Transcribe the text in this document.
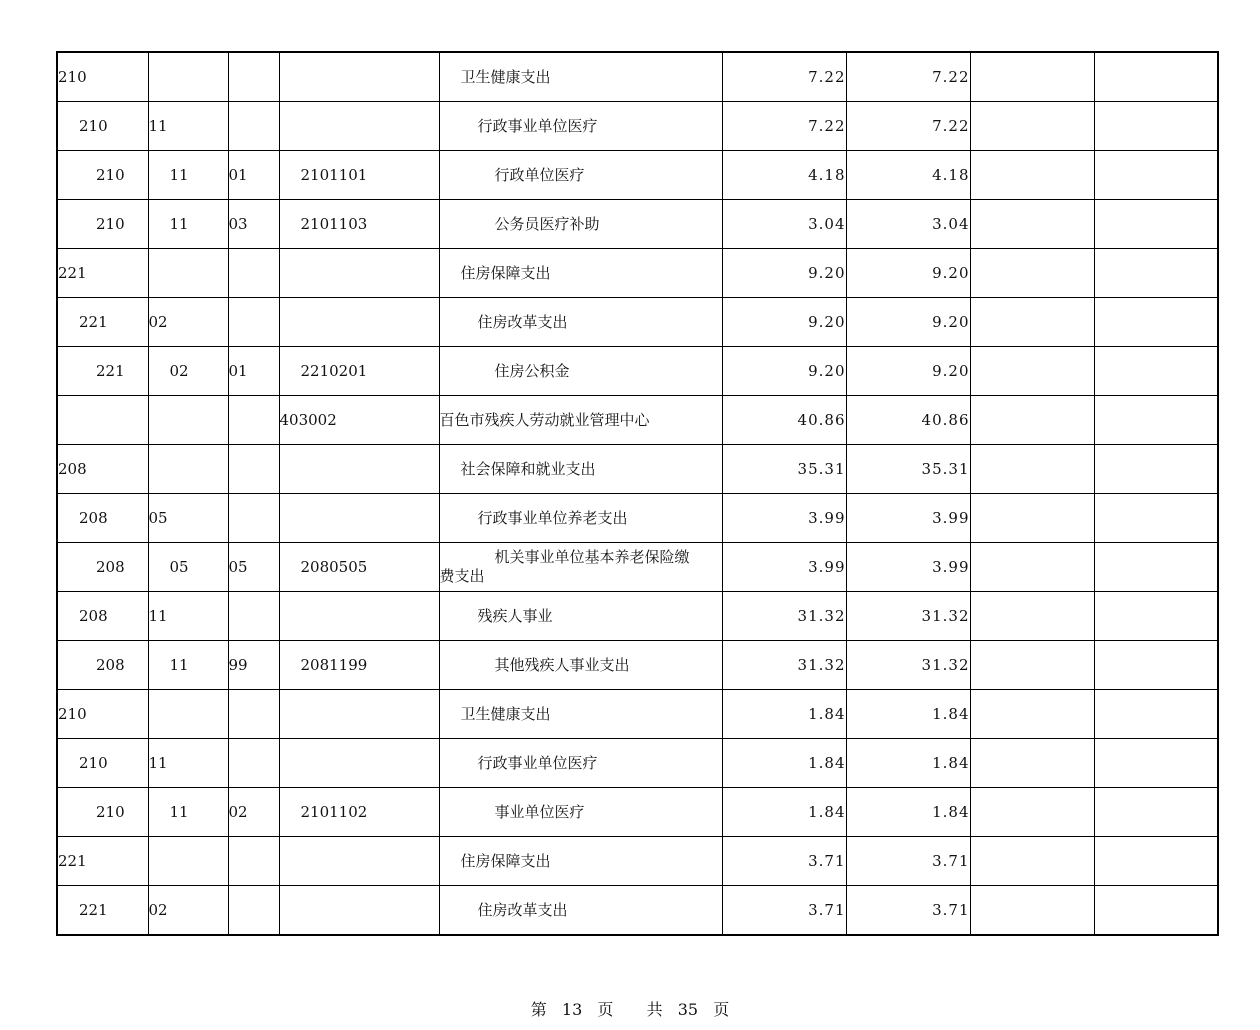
210				卫生健康支出	7.22	7.22		
210	11			行政事业单位医疗	7.22	7.22		
210	11	01	2101101	行政单位医疗	4.18	4.18		
210	11	03	2101103	公务员医疗补助	3.04	3.04		
221				住房保障支出	9.20	9.20		
221	02			住房改革支出	9.20	9.20		
221	02	01	2210201	住房公积金	9.20	9.20		
			403002	百色市残疾人劳动就业管理中心	40.86	40.86		
208				社会保障和就业支出	35.31	35.31		
208	05			行政事业单位养老支出	3.99	3.99		
208	05	05	2080505	机关事业单位基本养老保险缴
费支出	3.99	3.99		
208	11			残疾人事业	31.32	31.32		
208	11	99	2081199	其他残疾人事业支出	31.32	31.32		
210				卫生健康支出	1.84	1.84		
210	11			行政事业单位医疗	1.84	1.84		
210	11	02	2101102	事业单位医疗	1.84	1.84		
221				住房保障支出	3.71	3.71		
221	02			住房改革支出	3.71	3.71		
第 13 页 共 35 页
